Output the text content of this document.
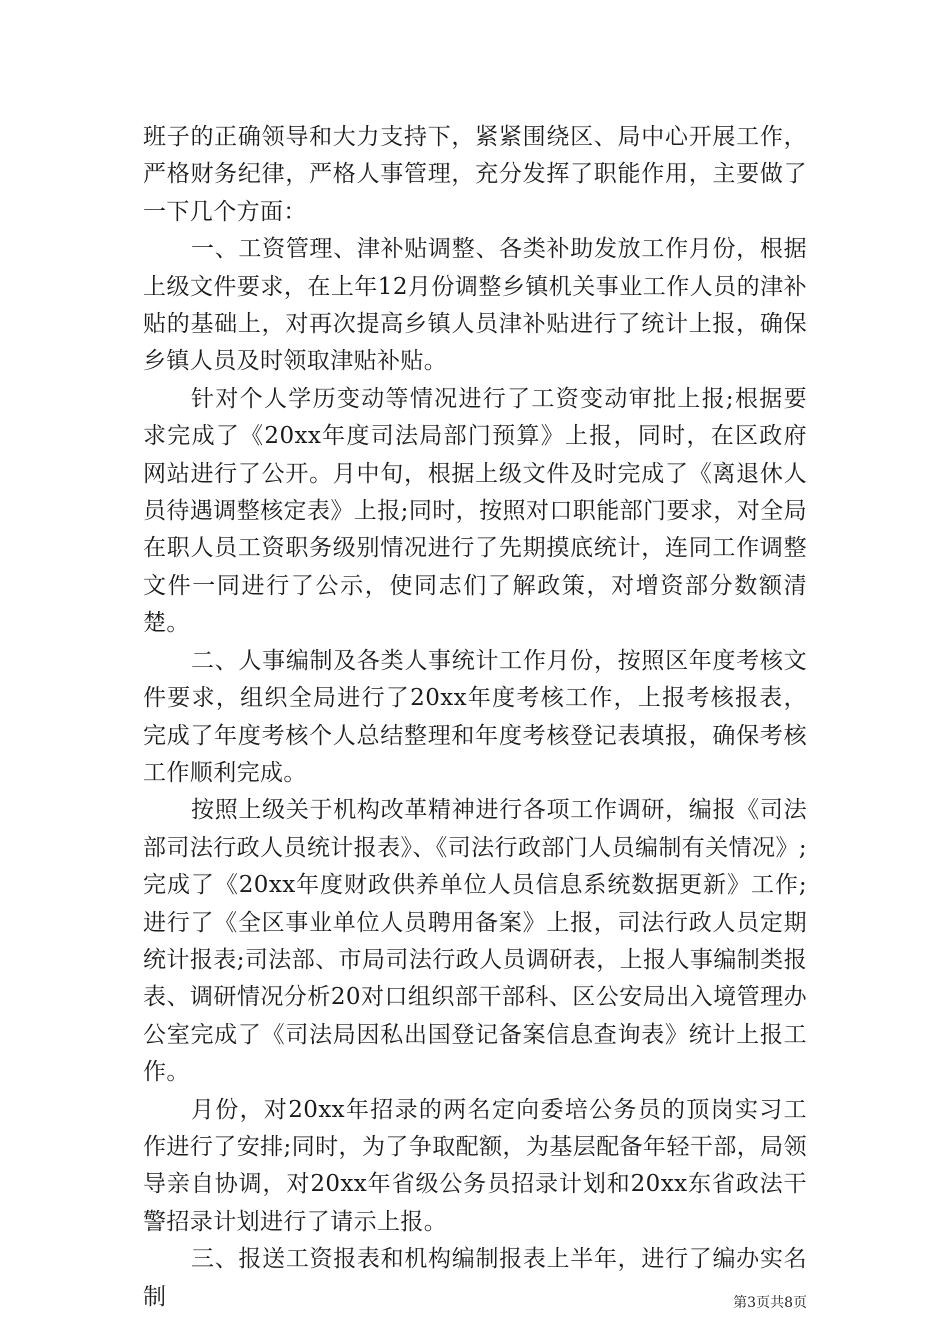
班子的正确领导和大力支持下，紧紧围绕区、局中心开展工作，严格财务纪律，严格人事管理，充分发挥了职能作用，主要做了一下几个方面：

一、工资管理、津补贴调整、各类补助发放工作月份，根据上级文件要求，在上年12月份调整乡镇机关事业工作人员的津补贴的基础上，对再次提高乡镇人员津补贴进行了统计上报，确保乡镇人员及时领取津贴补贴。

针对个人学历变动等情况进行了工资变动审批上报;根据要求完成了《20xx年度司法局部门预算》上报，同时，在区政府网站进行了公开。月中旬，根据上级文件及时完成了《离退休人员待遇调整核定表》上报;同时，按照对口职能部门要求，对全局在职人员工资职务级别情况进行了先期摸底统计，连同工作调整文件一同进行了公示，使同志们了解政策，对增资部分数额清楚。

二、人事编制及各类人事统计工作月份，按照区年度考核文件要求，组织全局进行了20xx年度考核工作，上报考核报表，完成了年度考核个人总结整理和年度考核登记表填报，确保考核工作顺利完成。

按照上级关于机构改革精神进行各项工作调研，编报《司法部司法行政人员统计报表》、《司法行政部门人员编制有关情况》;完成了《20xx年度财政供养单位人员信息系统数据更新》工作;进行了《全区事业单位人员聘用备案》上报，司法行政人员定期统计报表;司法部、市局司法行政人员调研表，上报人事编制类报表、调研情况分析20对口组织部干部科、区公安局出入境管理办公室完成了《司法局因私出国登记备案信息查询表》统计上报工作。

月份，对20xx年招录的两名定向委培公务员的顶岗实习工作进行了安排;同时，为了争取配额，为基层配备年轻干部，局领导亲自协调，对20xx年省级公务员招录计划和20xx东省政法干警招录计划进行了请示上报。

三、报送工资报表和机构编制报表上半年，进行了编办实名制	第3页共8页
